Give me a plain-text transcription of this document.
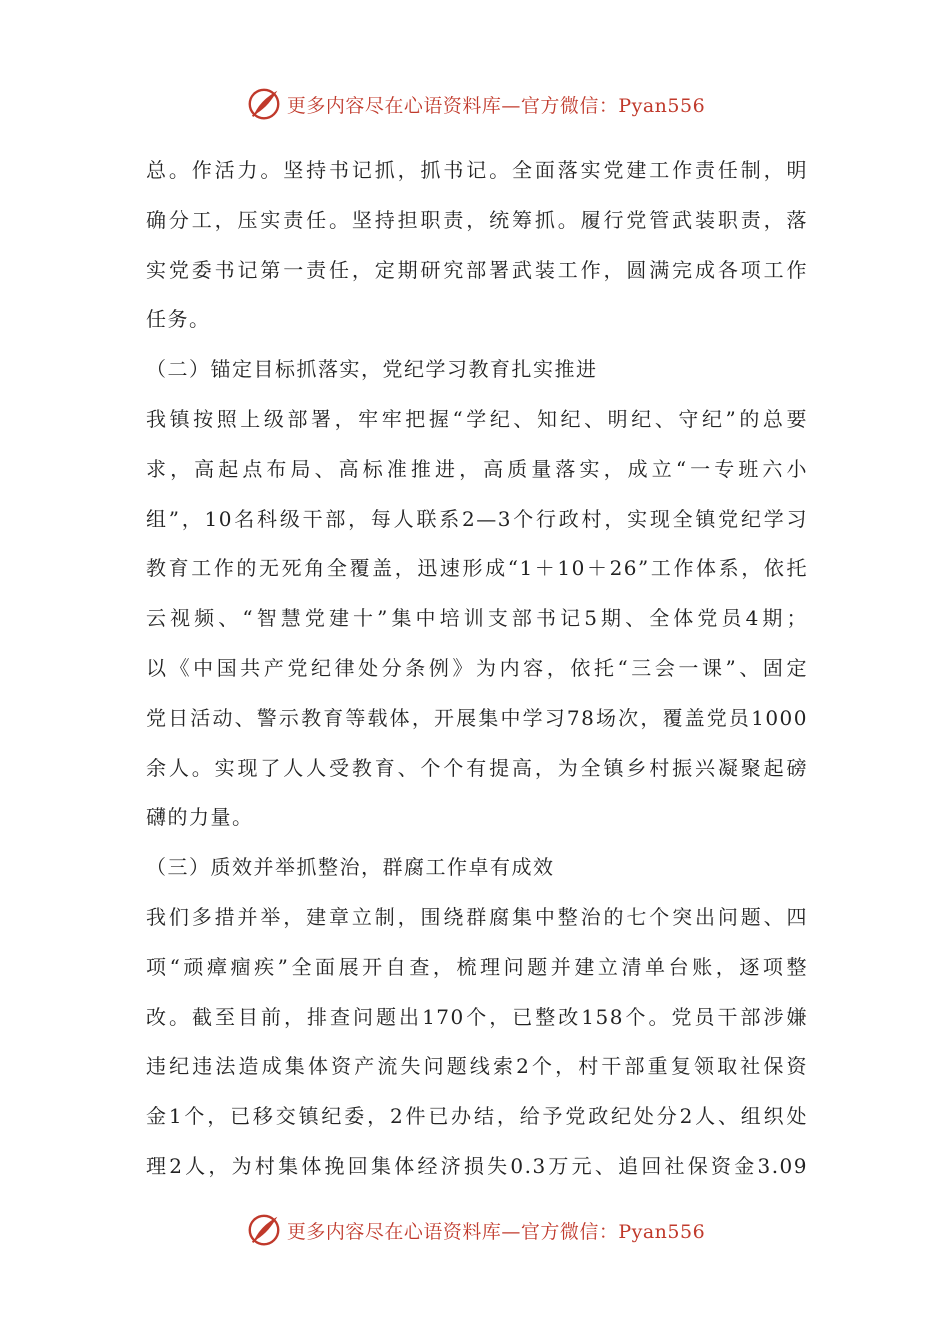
更多内容尽在心语资料库—官方微信：Pyan556

总。作活力。坚持书记抓，抓书记。全面落实党建工作责任制，明

确分工，压实责任。坚持担职责，统筹抓。履行党管武装职责，落

实党委书记第一责任，定期研究部署武装工作，圆满完成各项工作

任务。

（二）锚定目标抓落实，党纪学习教育扎实推进

我镇按照上级部署，牢牢把握“学纪、知纪、明纪、守纪”的总要

求，高起点布局、高标准推进，高质量落实，成立“一专班六小

组”，10名科级干部，每人联系2—3个行政村，实现全镇党纪学习

教育工作的无死角全覆盖，迅速形成“1＋10＋26”工作体系，依托

云视频、“智慧党建十”集中培训支部书记5期、全体党员4期；

以《中国共产党纪律处分条例》为内容，依托“三会一课”、固定

党日活动、警示教育等载体，开展集中学习78场次，覆盖党员1000

余人。实现了人人受教育、个个有提高，为全镇乡村振兴凝聚起磅

礴的力量。

（三）质效并举抓整治，群腐工作卓有成效

我们多措并举，建章立制，围绕群腐集中整治的七个突出问题、四

项“顽瘴痼疾”全面展开自查，梳理问题并建立清单台账，逐项整

改。截至目前，排查问题出170个，已整改158个。党员干部涉嫌

违纪违法造成集体资产流失问题线索2个，村干部重复领取社保资

金1个，已移交镇纪委，2件已办结，给予党政纪处分2人、组织处

理2人，为村集体挽回集体经济损失0.3万元、追回社保资金3.09

更多内容尽在心语资料库—官方微信：Pyan556
